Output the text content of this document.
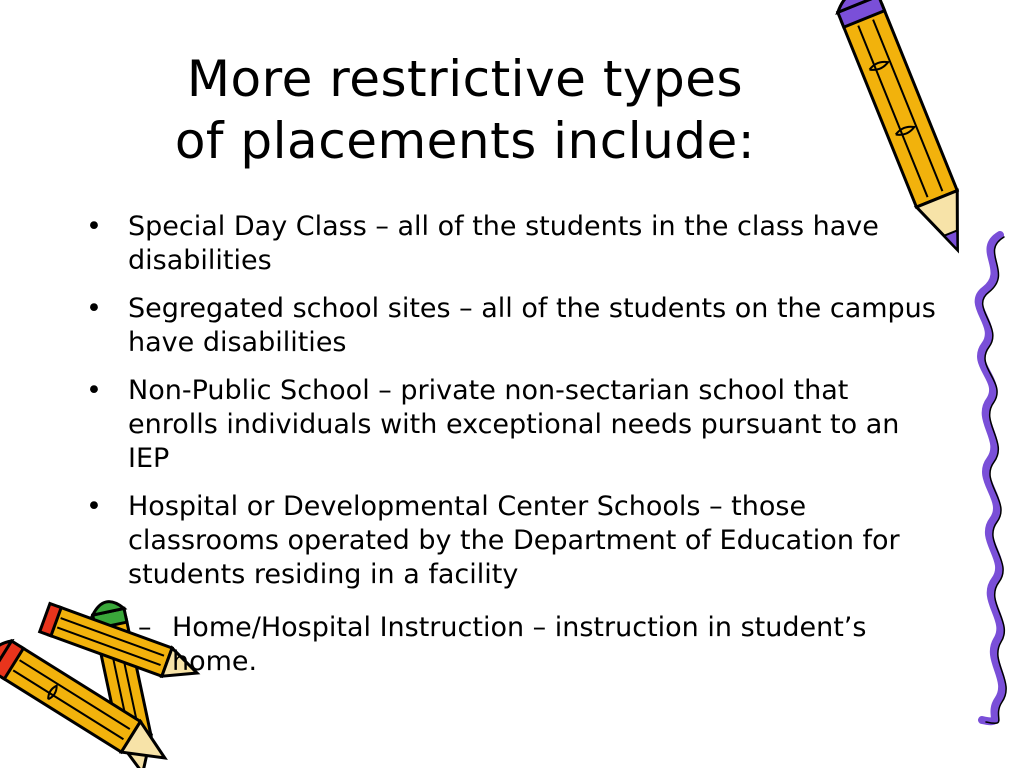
More restrictive types
of placements include:
• Special Day Class – all of the students in the class have disabilities
• Segregated school sites – all of the students on the campus have disabilities
• Non-Public School – private non-sectarian school that enrolls individuals with exceptional needs pursuant to an IEP
• Hospital or Developmental Center Schools – those classrooms operated by the Department of Education for students residing in a facility
– Home/Hospital Instruction – instruction in student’s home.
